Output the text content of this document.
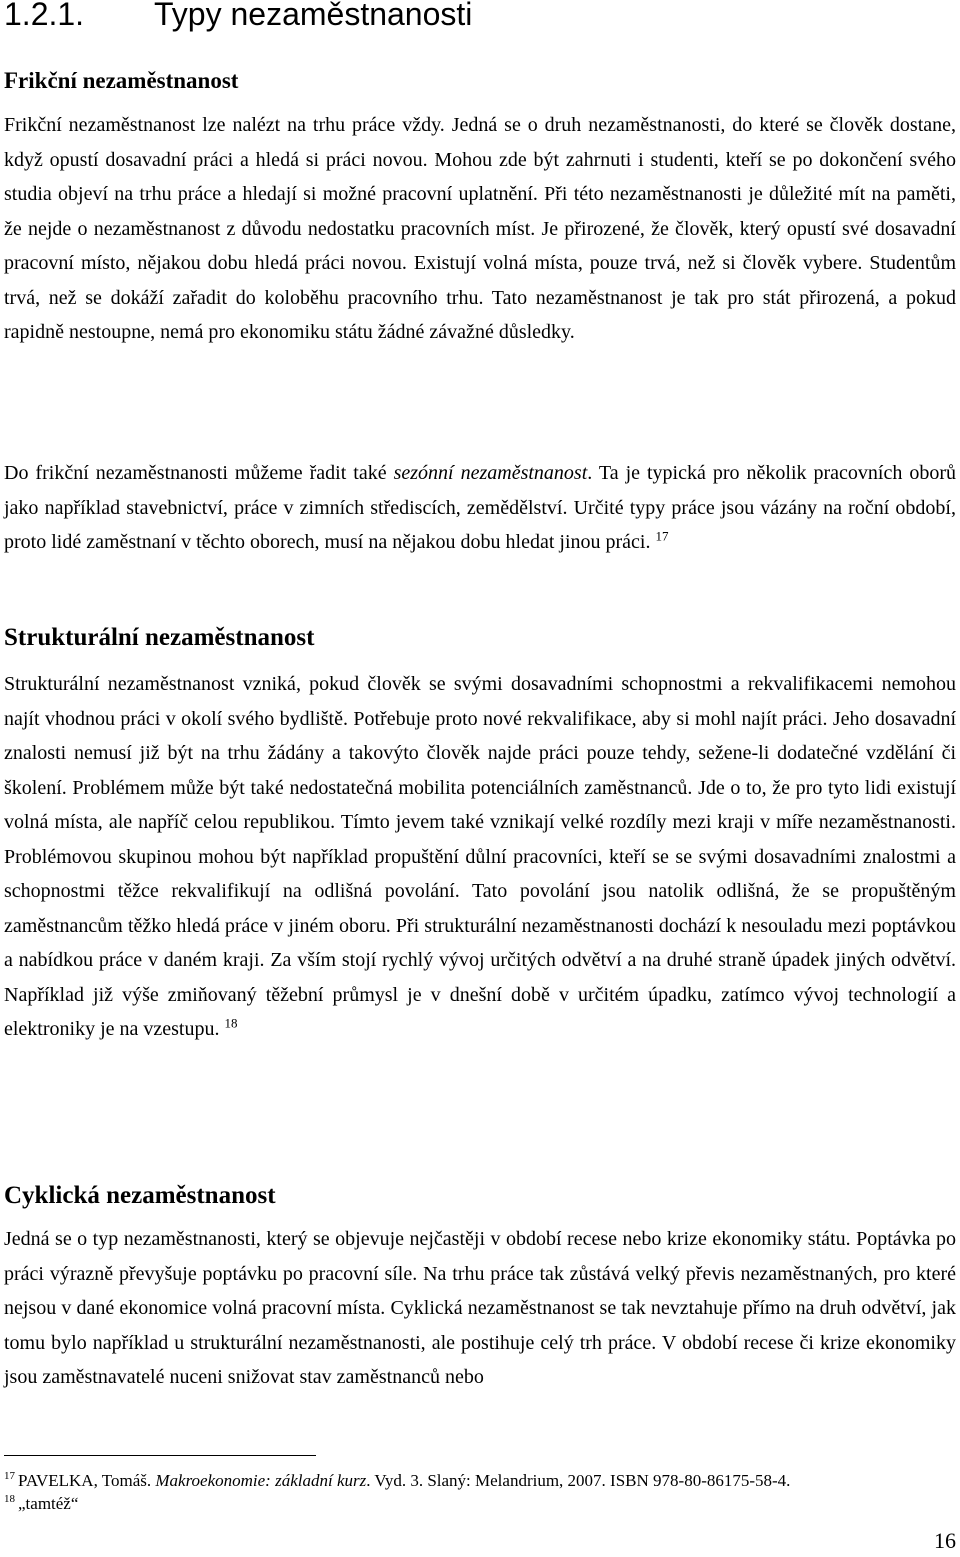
1.2.1. Typy nezaměstnanosti
Frikční nezaměstnanost

Frikční nezaměstnanost lze nalézt na trhu práce vždy. Jedná se o druh nezaměstnanosti, do které se člověk dostane, když opustí dosavadní práci a hledá si práci novou. Mohou zde být zahrnuti i studenti, kteří se po dokončení svého studia objeví na trhu práce a hledají si možné pracovní uplatnění. Při této nezaměstnanosti je důležité mít na paměti, že nejde o nezaměstnanost z důvodu nedostatku pracovních míst. Je přirozené, že člověk, který opustí své dosavadní pracovní místo, nějakou dobu hledá práci novou. Existují volná místa, pouze trvá, než si člověk vybere. Studentům trvá, než se dokáží zařadit do koloběhu pracovního trhu. Tato nezaměstnanost je tak pro stát přirozená, a pokud rapidně nestoupne, nemá pro ekonomiku státu žádné závažné důsledky.

Do frikční nezaměstnanosti můžeme řadit také sezónní nezaměstnanost. Ta je typická pro několik pracovních oborů jako například stavebnictví, práce v zimních střediscích, zemědělství. Určité typy práce jsou vázány na roční období, proto lidé zaměstnaní v těchto oborech, musí na nějakou dobu hledat jinou práci. $^{17}$

Strukturální nezaměstnanost

Strukturální nezaměstnanost vzniká, pokud člověk se svými dosavadními schopnostmi a rekvalifikacemi nemohou najít vhodnou práci v okolí svého bydliště. Potřebuje proto nové rekvalifikace, aby si mohl najít práci. Jeho dosavadní znalosti nemusí již být na trhu žádány a takovýto člověk najde práci pouze tehdy, seženе-li dodatečné vzdělání či školení. Problémem může být také nedostatečná mobilita potenciálních zaměstnanců. Jde o to, že pro tyto lidi existují volná místa, ale napříč celou republikou. Tímto jevem také vznikají velké rozdíly mezi kraji v míře nezaměstnanosti. Problémovou skupinou mohou být například propuštění důlní pracovníci, kteří se se svými dosavadními znalostmi a schopnostmi těžce rekvalifikují na odlišná povolání. Tato povolání jsou natolik odlišná, že se propuštěným zaměstnancům těžko hledá práce v jiném oboru. Při strukturální nezaměstnanosti dochází k nesouladu mezi poptávkou a nabídkou práce v daném kraji. Za vším stojí rychlý vývoj určitých odvětví a na druhé straně úpadek jiných odvětví. Například již výše zmiňovaný těžební průmysl je v dnešní době v určitém úpadku, zatímco vývoj technologií a elektroniky je na vzestupu. $^{18}$

Cyklická nezaměstnanost

Jedná se o typ nezaměstnanosti, který se objevuje nejčastěji v období recese nebo krize ekonomiky státu. Poptávka po práci výrazně převyšuje poptávku po pracovní síle. Na trhu práce tak zůstává velký převis nezaměstnaných, pro které nejsou v dané ekonomice volná pracovní místa. Cyklická nezaměstnanost se tak nevztahuje přímo na druh odvětví, jak tomu bylo například u strukturální nezaměstnanosti, ale postihuje celý trh práce. V období recese či krize ekonomiky jsou zaměstnavatelé nuceni snižovat stav zaměstnanců nebo

$^{17}$ PAVELKA, Tomáš. Makroekonomie: základní kurz. Vyd. 3. Slaný: Melandrium, 2007. ISBN 978-80-86175-58-4.

$^{18}$ „tamtéž“

16
